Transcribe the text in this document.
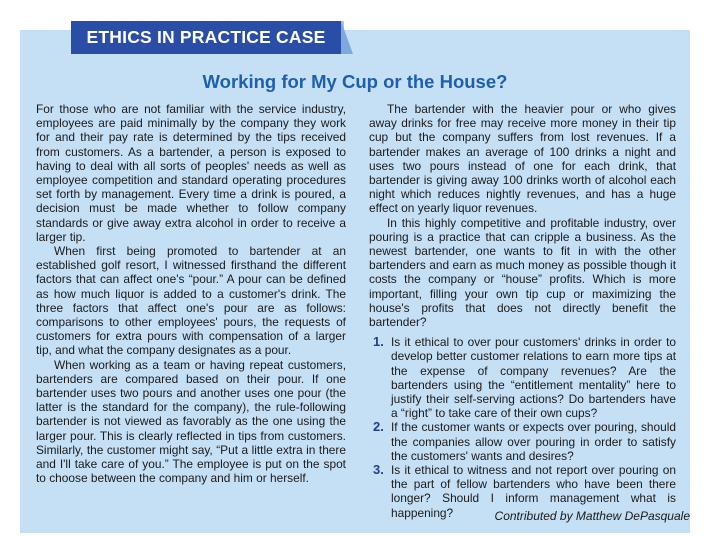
ETHICS IN PRACTICE CASE
Working for My Cup or the House?

For those who are not familiar with the service industry, employees are paid minimally by the company they work for and their pay rate is determined by the tips received from customers. As a bartender, a person is exposed to having to deal with all sorts of peoples' needs as well as employee competition and standard operating procedures set forth by management. Every time a drink is poured, a decision must be made whether to follow company standards or give away extra alcohol in order to receive a larger tip.

When first being promoted to bartender at an established golf resort, I witnessed firsthand the different factors that can affect one's “pour.” A pour can be defined as how much liquor is added to a customer's drink. The three factors that affect one's pour are as follows: comparisons to other employees' pours, the requests of customers for extra pours with compensation of a larger tip, and what the company designates as a pour.

When working as a team or having repeat customers, bartenders are compared based on their pour. If one bartender uses two pours and another uses one pour (the latter is the standard for the company), the rule-following bartender is not viewed as favorably as the one using the larger pour. This is clearly reflected in tips from customers. Similarly, the customer might say, “Put a little extra in there and I'll take care of you.” The employee is put on the spot to choose between the company and him or herself.

The bartender with the heavier pour or who gives away drinks for free may receive more money in their tip cup but the company suffers from lost revenues. If a bartender makes an average of 100 drinks a night and uses two pours instead of one for each drink, that bartender is giving away 100 drinks worth of alcohol each night which reduces nightly revenues, and has a huge effect on yearly liquor revenues.

In this highly competitive and profitable industry, over pouring is a practice that can cripple a business. As the newest bartender, one wants to fit in with the other bartenders and earn as much money as possible though it costs the company or “house” profits. Which is more important, filling your own tip cup or maximizing the house's profits that does not directly benefit the bartender?

1. Is it ethical to over pour customers' drinks in order to develop better customer relations to earn more tips at the expense of company revenues? Are the bartenders using the “entitlement mentality” here to justify their self-serving actions? Do bartenders have a “right” to take care of their own cups?
2. If the customer wants or expects over pouring, should the companies allow over pouring in order to satisfy the customers' wants and desires?
3. Is it ethical to witness and not report over pouring on the part of fellow bartenders who have been there longer? Should I inform management what is happening?	Contributed by Matthew DePasquale
